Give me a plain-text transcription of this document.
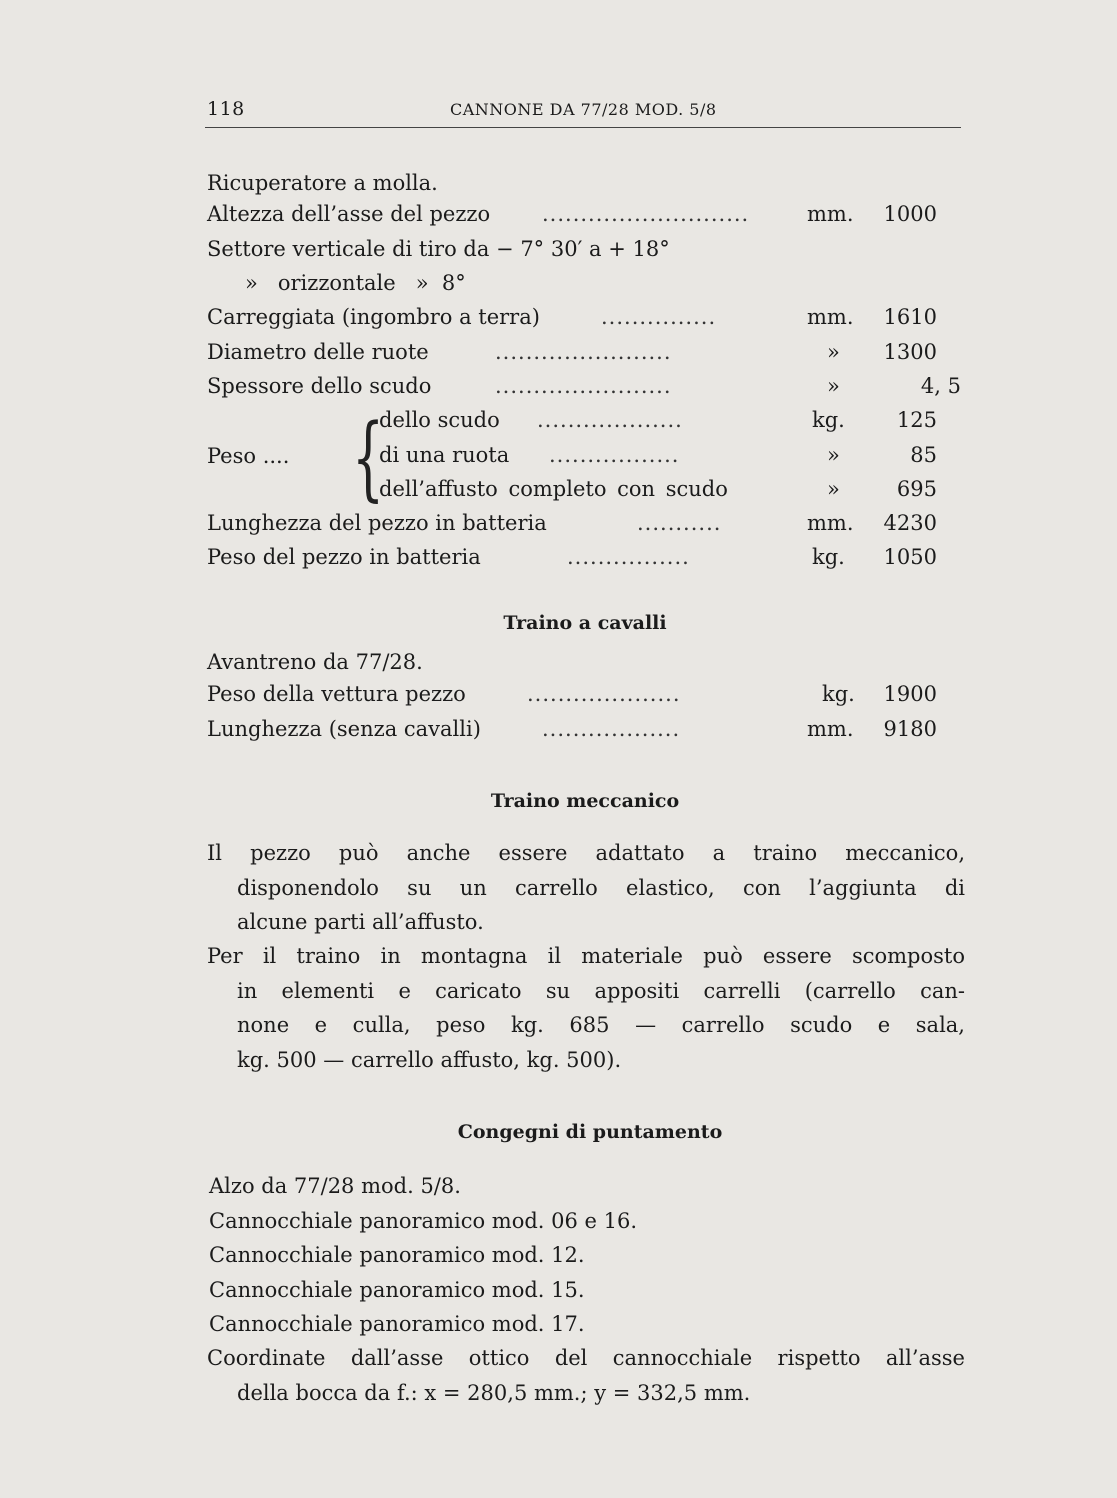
118	CANNONE DA 77/28 MOD. 5/8
Ricuperatore a molla.
Altezza dell’asse del pezzo ...........................	mm. 1000
Settore verticale di tiro da − 7° 30′ a + 18°
»   orizzontale   »  8°
Carreggiata (ingombro a terra)	...............	mm. 1610
Diametro delle ruote	.......................	» 1300
Spessore dello scudo	.......................	»	4, 5
Peso .... {
dello scudo ...................	kg. 125
di una ruota .................	»	85
dell’affusto completo con scudo	»	695
Lunghezza del pezzo in batteria	...........	mm. 4230
Peso del pezzo in batteria	................	kg. 1050
Traino a cavalli
Avantreno da 77/28.
Peso della vettura pezzo	....................	kg. 1900
Lunghezza (senza cavalli)	..................	mm. 9180
Traino meccanico
Il pezzo può anche essere adattato a traino meccanico,
disponendolo su un carrello elastico, con l’aggiunta di
alcune parti all’affusto.
Per il traino in montagna il materiale può essere scomposto
in elementi e caricato su appositi carrelli (carrello can-
none e culla, peso kg. 685 — carrello scudo e sala,
kg. 500 — carrello affusto, kg. 500).
Congegni di puntamento
Alzo da 77/28 mod. 5/8.
Cannocchiale panoramico mod. 06 e 16.
Cannocchiale panoramico mod. 12.
Cannocchiale panoramico mod. 15.
Cannocchiale panoramico mod. 17.
Coordinate dall’asse ottico del cannocchiale rispetto all’asse
della bocca da f.: x = 280,5 mm.; y = 332,5 mm.
